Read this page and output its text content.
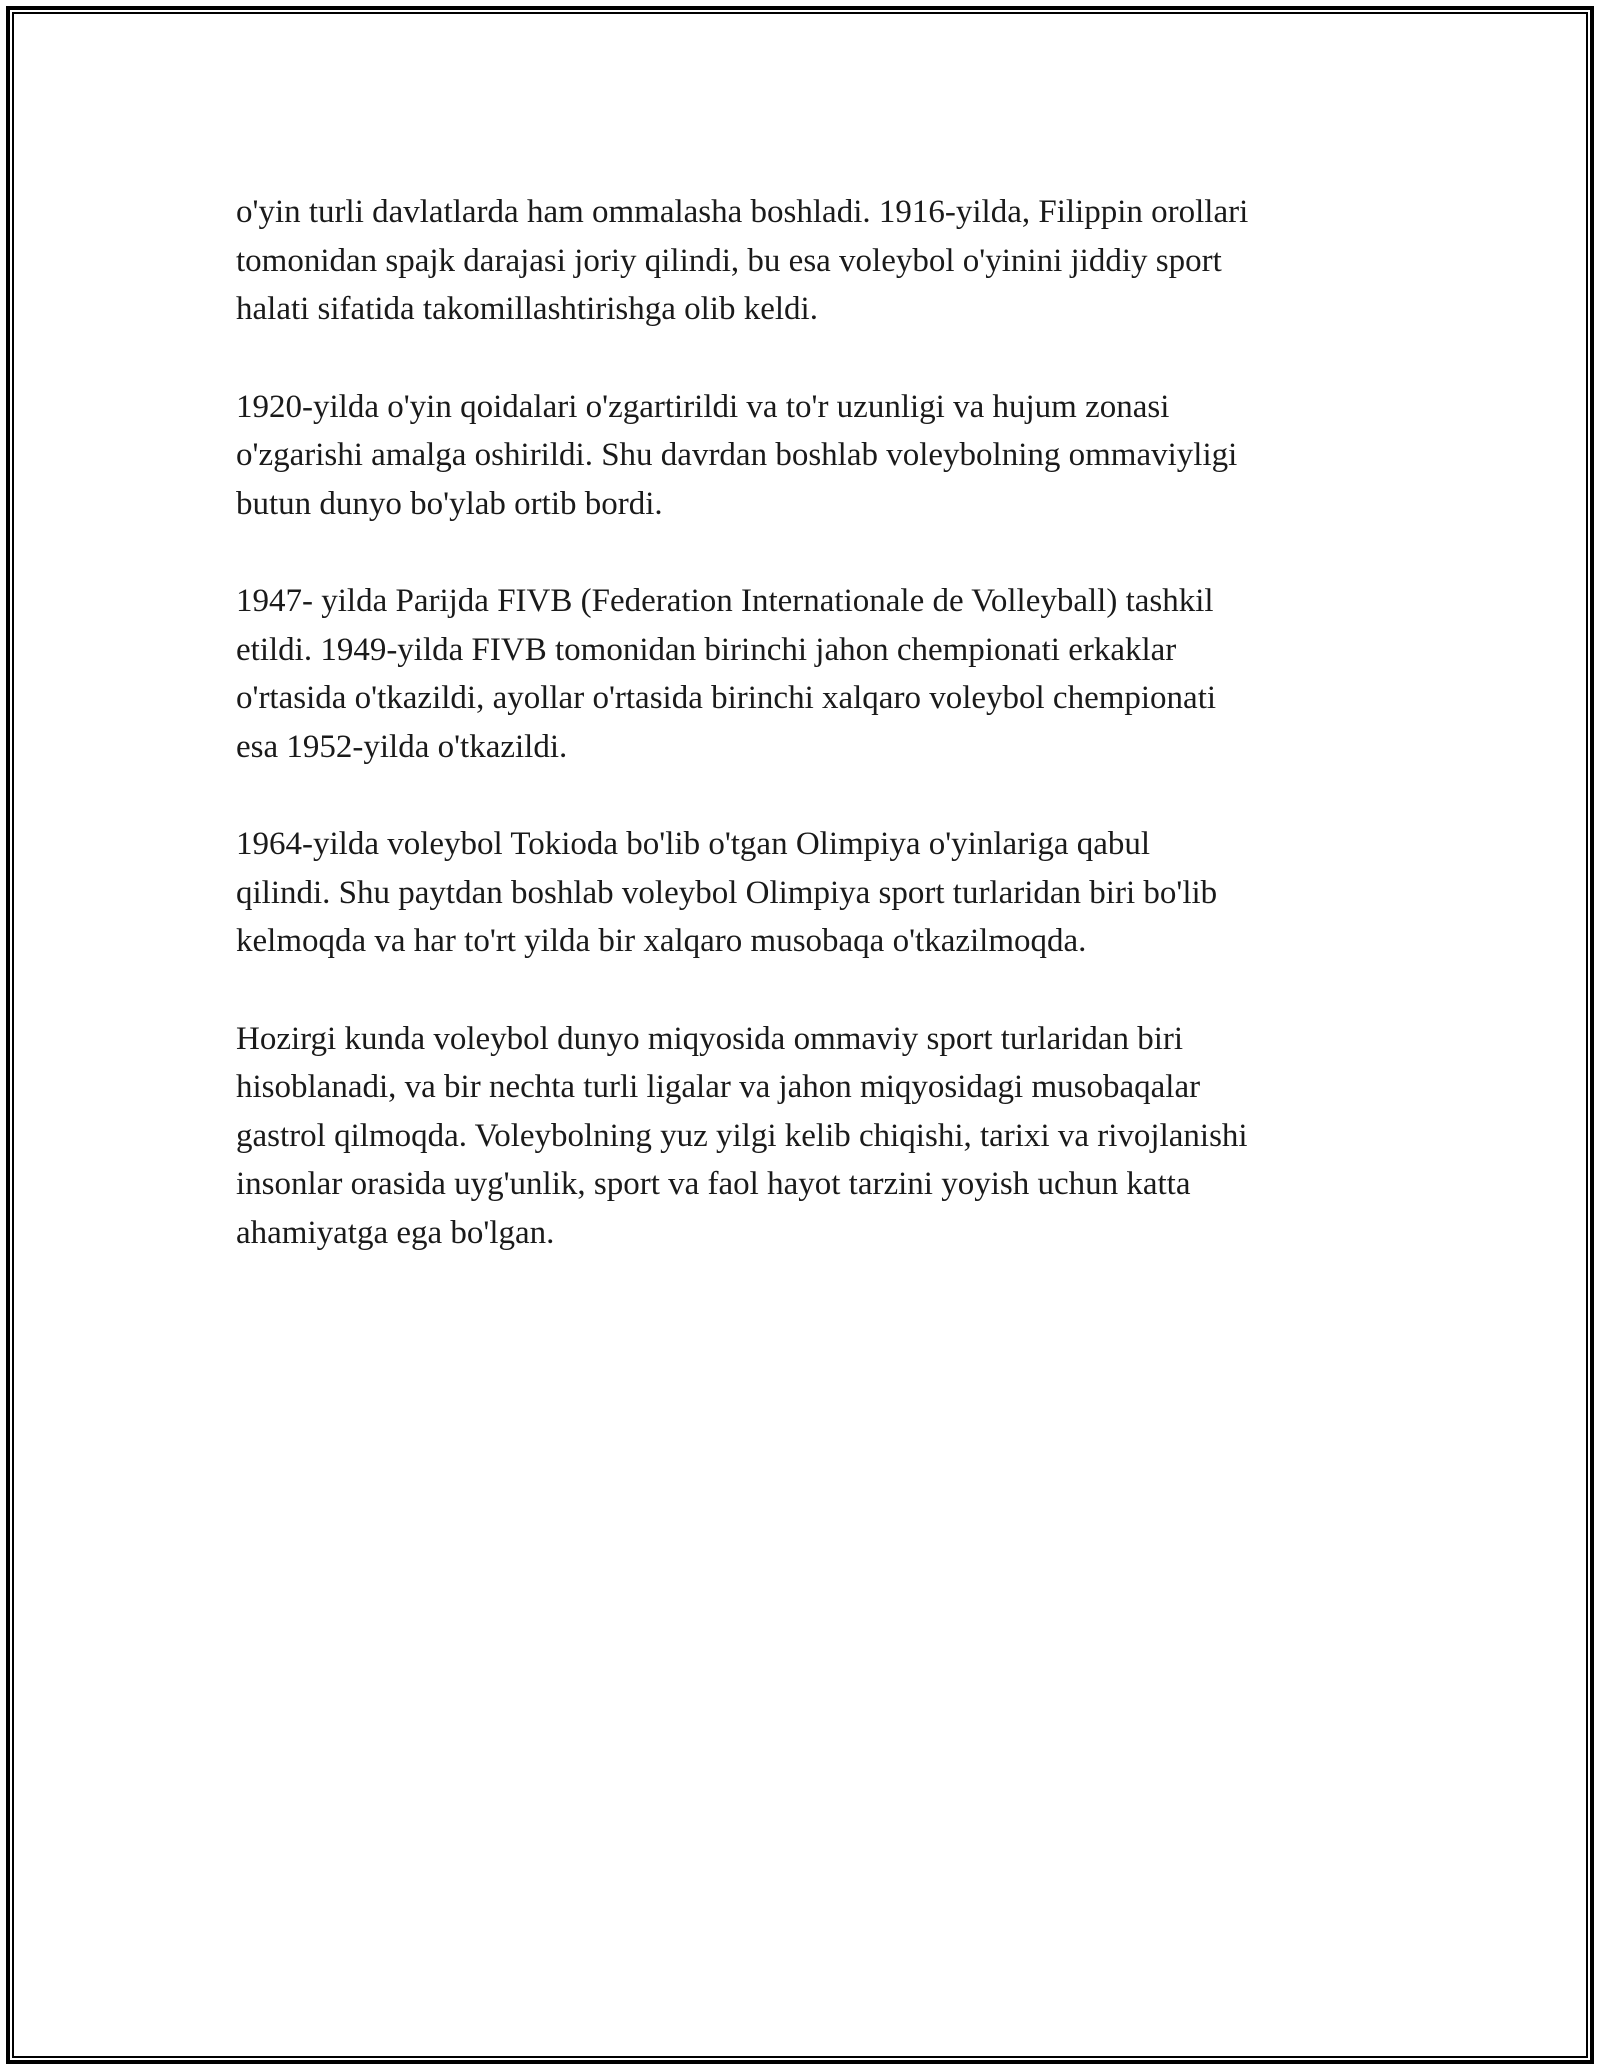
o'yin turli davlatlarda ham ommalasha boshladi. 1916-yilda, Filippin orollari
tomonidan spajk darajasi joriy qilindi, bu esa voleybol o'yinini jiddiy sport
halati sifatida takomillashtirishga olib keldi.

1920-yilda o'yin qoidalari o'zgartirildi va to'r uzunligi va hujum zonasi
o'zgarishi amalga oshirildi. Shu davrdan boshlab voleybolning ommaviyligi
butun dunyo bo'ylab ortib bordi.

1947- yilda Parijda FIVB (Federation Internationale de Volleyball) tashkil
etildi. 1949-yilda FIVB tomonidan birinchi jahon chempionati erkaklar
o'rtasida o'tkazildi, ayollar o'rtasida birinchi xalqaro voleybol chempionati
esa 1952-yilda o'tkazildi.

1964-yilda voleybol Tokioda bo'lib o'tgan Olimpiya o'yinlariga qabul
qilindi. Shu paytdan boshlab voleybol Olimpiya sport turlaridan biri bo'lib
kelmoqda va har to'rt yilda bir xalqaro musobaqa o'tkazilmoqda.

Hozirgi kunda voleybol dunyo miqyosida ommaviy sport turlaridan biri
hisoblanadi, va bir nechta turli ligalar va jahon miqyosidagi musobaqalar
gastrol qilmoqda. Voleybolning yuz yilgi kelib chiqishi, tarixi va rivojlanishi
insonlar orasida uyg'unlik, sport va faol hayot tarzini yoyish uchun katta
ahamiyatga ega bo'lgan.
